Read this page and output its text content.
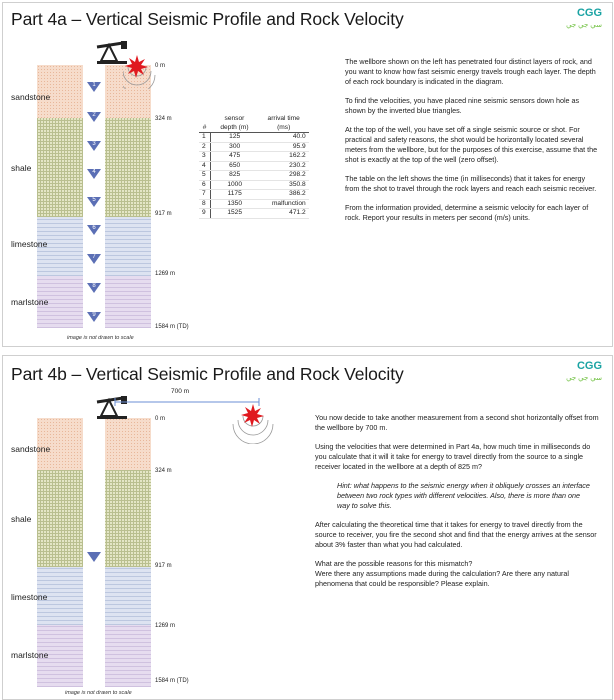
Part 4a – Vertical Seismic Profile and Rock Velocity	CGG
سي جي جي
1
2
3
4
5
6
7
8
9
sandstone
shale
limestone
marlstone
0 m
324 m
917 m
1269 m
1584 m (TD)
image is not drawn to scale
	sensor	arrival time
#	depth (m)	(ms)
1	125	40.0
2	300	95.9
3	475	162.2
4	650	230.2
5	825	298.2
6	1000	350.8
7	1175	386.2
8	1350	malfunction
9	1525	471.2

The wellbore shown on the left has penetrated four distinct layers of rock, and you want to know how fast seismic energy travels trough each layer. The depth of each rock boundary is indicated in the diagram.

To find the velocities, you have placed nine seismic sensors down hole as shown by the inverted blue triangles.

At the top of the well, you have set off a single seismic source or shot. For practical and safety reasons, the shot would be horizontally located several meters from the wellbore, but for the purposes of this exercise, assume that the shot is exactly at the top of the well (zero offset).

The table on the left shows the time (in milliseconds) that it takes for energy from the shot to travel through the rock layers and reach each seismic receiver.

From the information provided, determine a seismic velocity for each layer of rock. Report your results in meters per second (m/s) units.

Part 4b – Vertical Seismic Profile and Rock Velocity	CGG
سي جي جي
700 m
sandstone
shale
limestone
marlstone
0 m
324 m
917 m
1269 m
1584 m (TD)
image is not drawn to scale

You now decide to take another measurement from a second shot horizontally offset from the wellbore by 700 m.

Using the velocities that were determined in Part 4a, how much time in milliseconds do you calculate that it will it take for energy to travel directly from the source to a single receiver located in the wellbore at a depth of 825 m?

Hint: what happens to the seismic energy when it obliquely crosses an interface between two rock types with different velocities. Also, there is more than one way to solve this.

After calculating the theoretical time that it takes for energy to travel directly from the source to receiver, you fire the second shot and find that the energy arrives at the sensor about 3% faster than what you had calculated.

What are the possible reasons for this mismatch?

Were there any assumptions made during the calculation? Are there any natural phenomena that could be responsible? Please explain.
